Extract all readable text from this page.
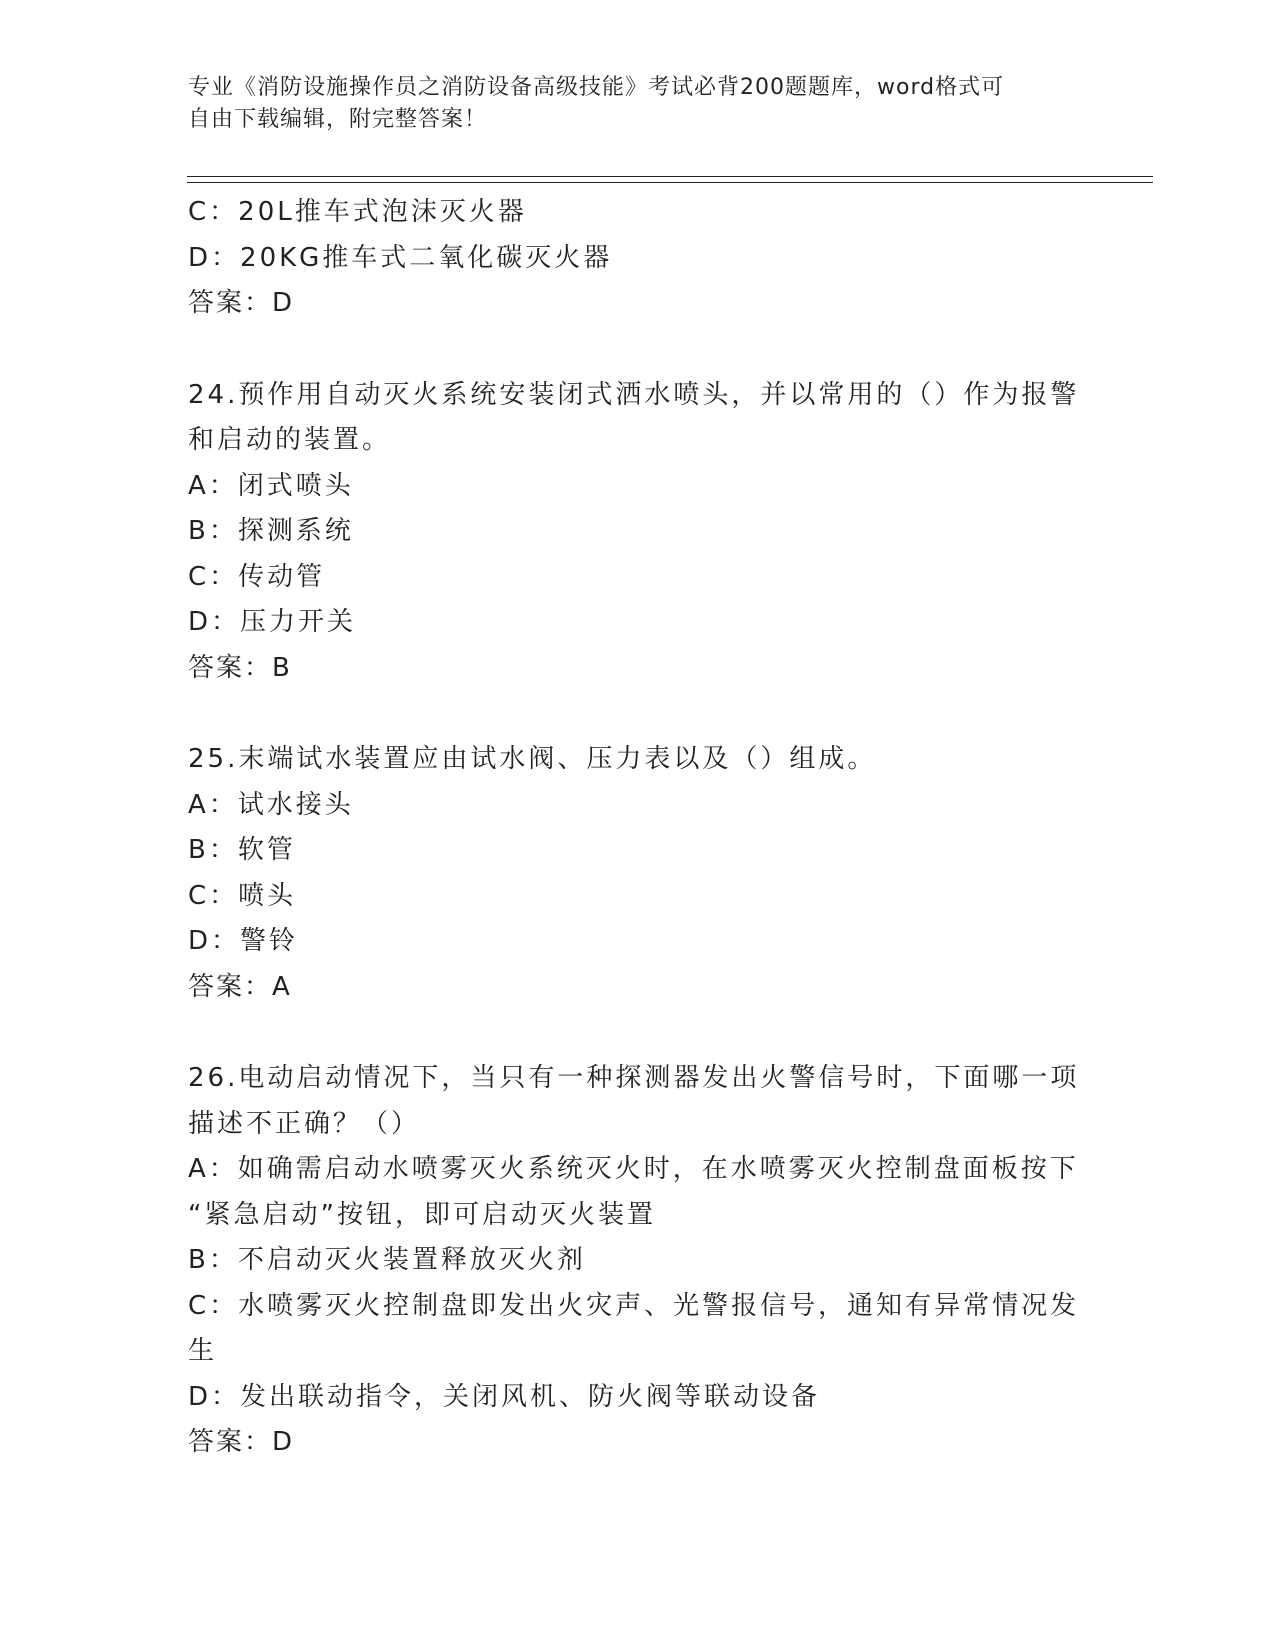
专业《消防设施操作员之消防设备高级技能》考试必背200题题库，word格式可
自由下载编辑，附完整答案！
C：20L推车式泡沫灭火器
D：20KG推车式二氧化碳灭火器
答案：D
24.预作用自动灭火系统安装闭式洒水喷头，并以常用的（）作为报警
和启动的装置。
A：闭式喷头
B：探测系统
C：传动管
D：压力开关
答案：B
25.末端试水装置应由试水阀、压力表以及（）组成。
A：试水接头
B：软管
C：喷头
D：警铃
答案：A
26.电动启动情况下，当只有一种探测器发出火警信号时，下面哪一项
描述不正确？（）
A：如确需启动水喷雾灭火系统灭火时，在水喷雾灭火控制盘面板按下
“紧急启动”按钮，即可启动灭火装置
B：不启动灭火装置释放灭火剂
C：水喷雾灭火控制盘即发出火灾声、光警报信号，通知有异常情况发
生
D：发出联动指令，关闭风机、防火阀等联动设备
答案：D
